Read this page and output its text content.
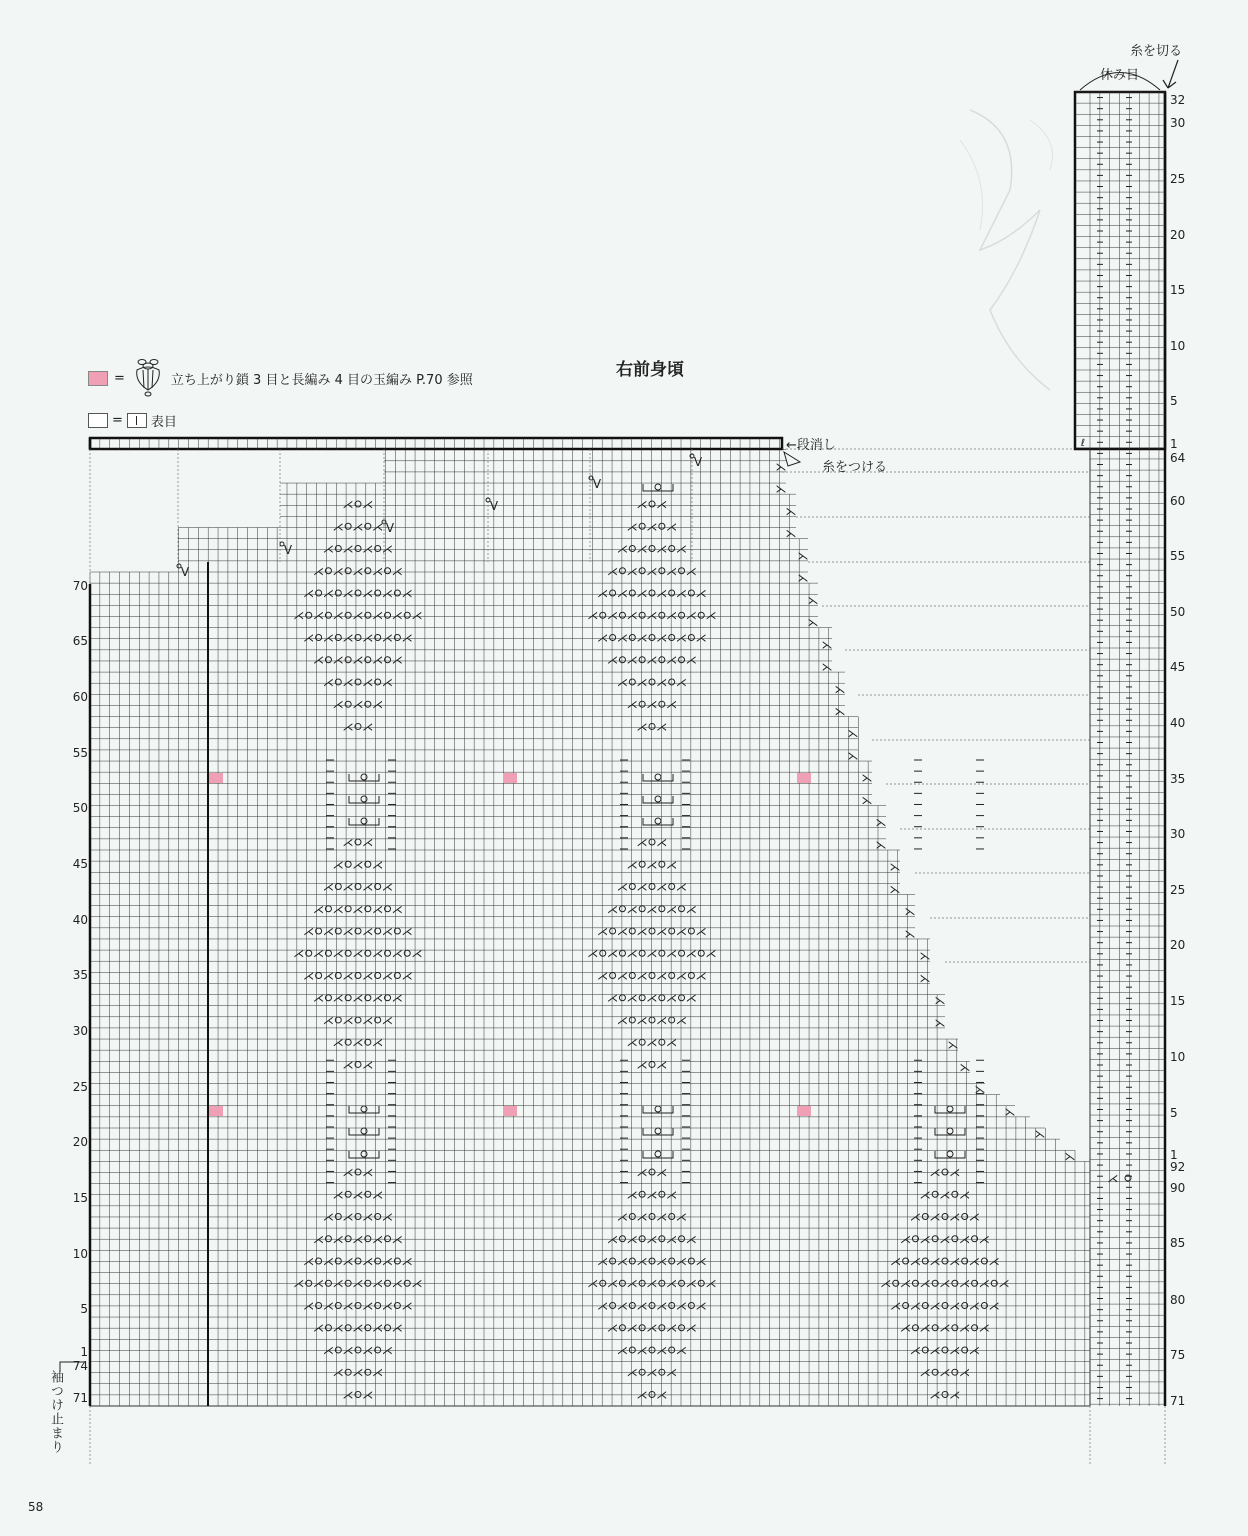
⋌ ⋌
⋌ ⋌ ⋌
⋌ ⋌ ⋌ ⋌
⋌ ⋌ ⋌ ⋌ ⋌
⋌ ⋌ ⋌ ⋌ ⋌ ⋌
⋌ ⋌ ⋌ ⋌ ⋌ ⋌ ⋌
⋌ ⋌ ⋌ ⋌ ⋌ ⋌
⋌ ⋌ ⋌ ⋌ ⋌
⋌ ⋌ ⋌ ⋌
⋌ ⋌ ⋌
⋌ ⋌
⋌ ⋌
⋌ ⋌ ⋌
⋌ ⋌ ⋌ ⋌
⋌ ⋌ ⋌ ⋌ ⋌
⋌ ⋌ ⋌ ⋌ ⋌ ⋌
⋌ ⋌ ⋌ ⋌ ⋌ ⋌ ⋌
⋌ ⋌ ⋌ ⋌ ⋌ ⋌
⋌ ⋌ ⋌ ⋌ ⋌
⋌ ⋌ ⋌ ⋌
⋌ ⋌ ⋌
⋌ ⋌
⋌ ⋌
⋌ ⋌ ⋌
⋌ ⋌ ⋌ ⋌
⋌ ⋌ ⋌ ⋌ ⋌
⋌ ⋌ ⋌ ⋌ ⋌ ⋌
⋌ ⋌ ⋌ ⋌ ⋌ ⋌ ⋌
⋌ ⋌ ⋌ ⋌ ⋌ ⋌
⋌ ⋌ ⋌ ⋌ ⋌
⋌ ⋌ ⋌ ⋌
⋌ ⋌ ⋌
⋌ ⋌
⋌ ⋌
⋌ ⋌ ⋌
⋌ ⋌ ⋌ ⋌
⋌ ⋌ ⋌ ⋌ ⋌
⋌ ⋌ ⋌ ⋌ ⋌ ⋌
⋌ ⋌ ⋌ ⋌ ⋌ ⋌ ⋌
⋌ ⋌ ⋌ ⋌ ⋌ ⋌
⋌ ⋌ ⋌ ⋌ ⋌
⋌ ⋌ ⋌ ⋌
⋌ ⋌ ⋌
⋌ ⋌
⋌ ⋌
⋌ ⋌ ⋌
⋌ ⋌ ⋌ ⋌
⋌ ⋌ ⋌ ⋌ ⋌
⋌ ⋌ ⋌ ⋌ ⋌ ⋌
⋌ ⋌ ⋌ ⋌ ⋌ ⋌ ⋌
⋌ ⋌ ⋌ ⋌ ⋌ ⋌
⋌ ⋌ ⋌ ⋌ ⋌
⋌ ⋌ ⋌ ⋌
⋌ ⋌ ⋌
⋌ ⋌
⋌ ⋌
⋌ ⋌ ⋌
⋌ ⋌ ⋌ ⋌
⋌ ⋌ ⋌ ⋌ ⋌
⋌ ⋌ ⋌ ⋌ ⋌ ⋌
⋌ ⋌ ⋌ ⋌ ⋌ ⋌ ⋌
⋌ ⋌ ⋌ ⋌ ⋌ ⋌
⋌ ⋌ ⋌ ⋌ ⋌
⋌ ⋌ ⋌ ⋌
⋌ ⋌ ⋌
⋌ ⋌
⋌ ⋌
⋌ ⋌ ⋌
⋌ ⋌ ⋌ ⋌
⋌ ⋌ ⋌ ⋌ ⋌
⋌ ⋌ ⋌ ⋌ ⋌ ⋌
⋌ ⋌ ⋌ ⋌ ⋌ ⋌ ⋌
⋌ ⋌ ⋌ ⋌ ⋌ ⋌
⋌ ⋌ ⋌ ⋌ ⋌
⋌ ⋌ ⋌ ⋌
⋌ ⋌ ⋌
⋌ ⋌
V
V
V
V
V
V
⋋
⋋
⋋
⋋
⋋
⋋
⋋
⋋
⋋
⋋
⋋
⋋
⋋
⋋
⋋
⋋
⋋
⋋
⋋
⋋
⋋
⋋
⋋
⋋
⋋
⋋
⋋
⋋
⋋
⋋
⋋
⋋
70
65
60
55
50
45
40
35
30
25
20
15
10
5
1
74
71
32
30
25
20
15
10
5
1
64
60
55
50
45
40
35
30
25
20
15
10
5
1
92
90
85
80
75
71
⋌
ℓ
右前身頃
=	立ち上がり鎖 3 目と長編み 4 目の玉編み P.70 参照
= 表目
糸を切る
休み目
←段消し
糸をつける
袖つけ止まり
58
